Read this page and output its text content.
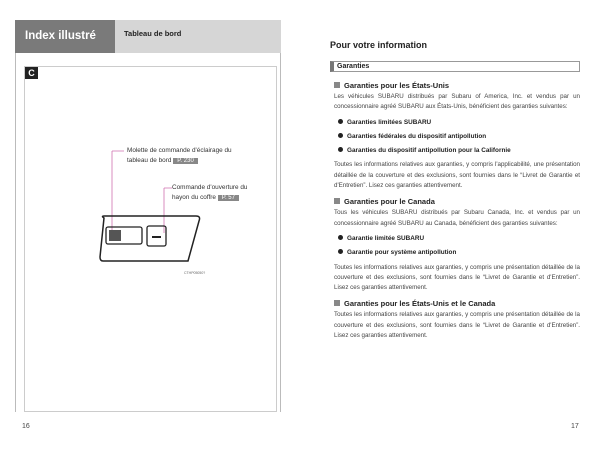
Index illustré	Tableau de bord
C
Molette de commande d'éclairage du
tableau de bord P. 230
Commande d'ouverture du
hayon du coffre P. 57
CTHP05050?
16
Pour votre information
Garanties
Garanties pour les États-Unis

Les véhicules SUBARU distribués par Subaru of America, Inc. et vendus par un concessionnaire agréé SUBARU aux États-Unis, bénéficient des garanties suivantes:

Garanties limitées SUBARU
Garanties fédérales du dispositif antipollution
Garanties du dispositif antipollution pour la Californie

Toutes les informations relatives aux garanties, y compris l'applicabilité, une présentation détaillée de la couverture et des exclusions, sont fournies dans le “Livret de Garantie et d'Entretien”. Lisez ces garanties attentivement.

Garanties pour le Canada

Tous les véhicules SUBARU distribués par Subaru Canada, Inc. et vendus par un concessionnaire agréé SUBARU au Canada, bénéficient des garanties suivantes:

Garantie limitée SUBARU
Garantie pour système antipollution

Toutes les informations relatives aux garanties, y compris une présentation détaillée de la couverture et des exclusions, sont fournies dans le “Livret de Garantie et d'Entretien”. Lisez ces garanties attentivement.

Garanties pour les États-Unis et le Canada

Toutes les informations relatives aux garanties, y compris une présentation détaillée de la couverture et des exclusions, sont fournies dans le “Livret de Garantie et d'Entretien”. Lisez ces garanties attentivement.

17
